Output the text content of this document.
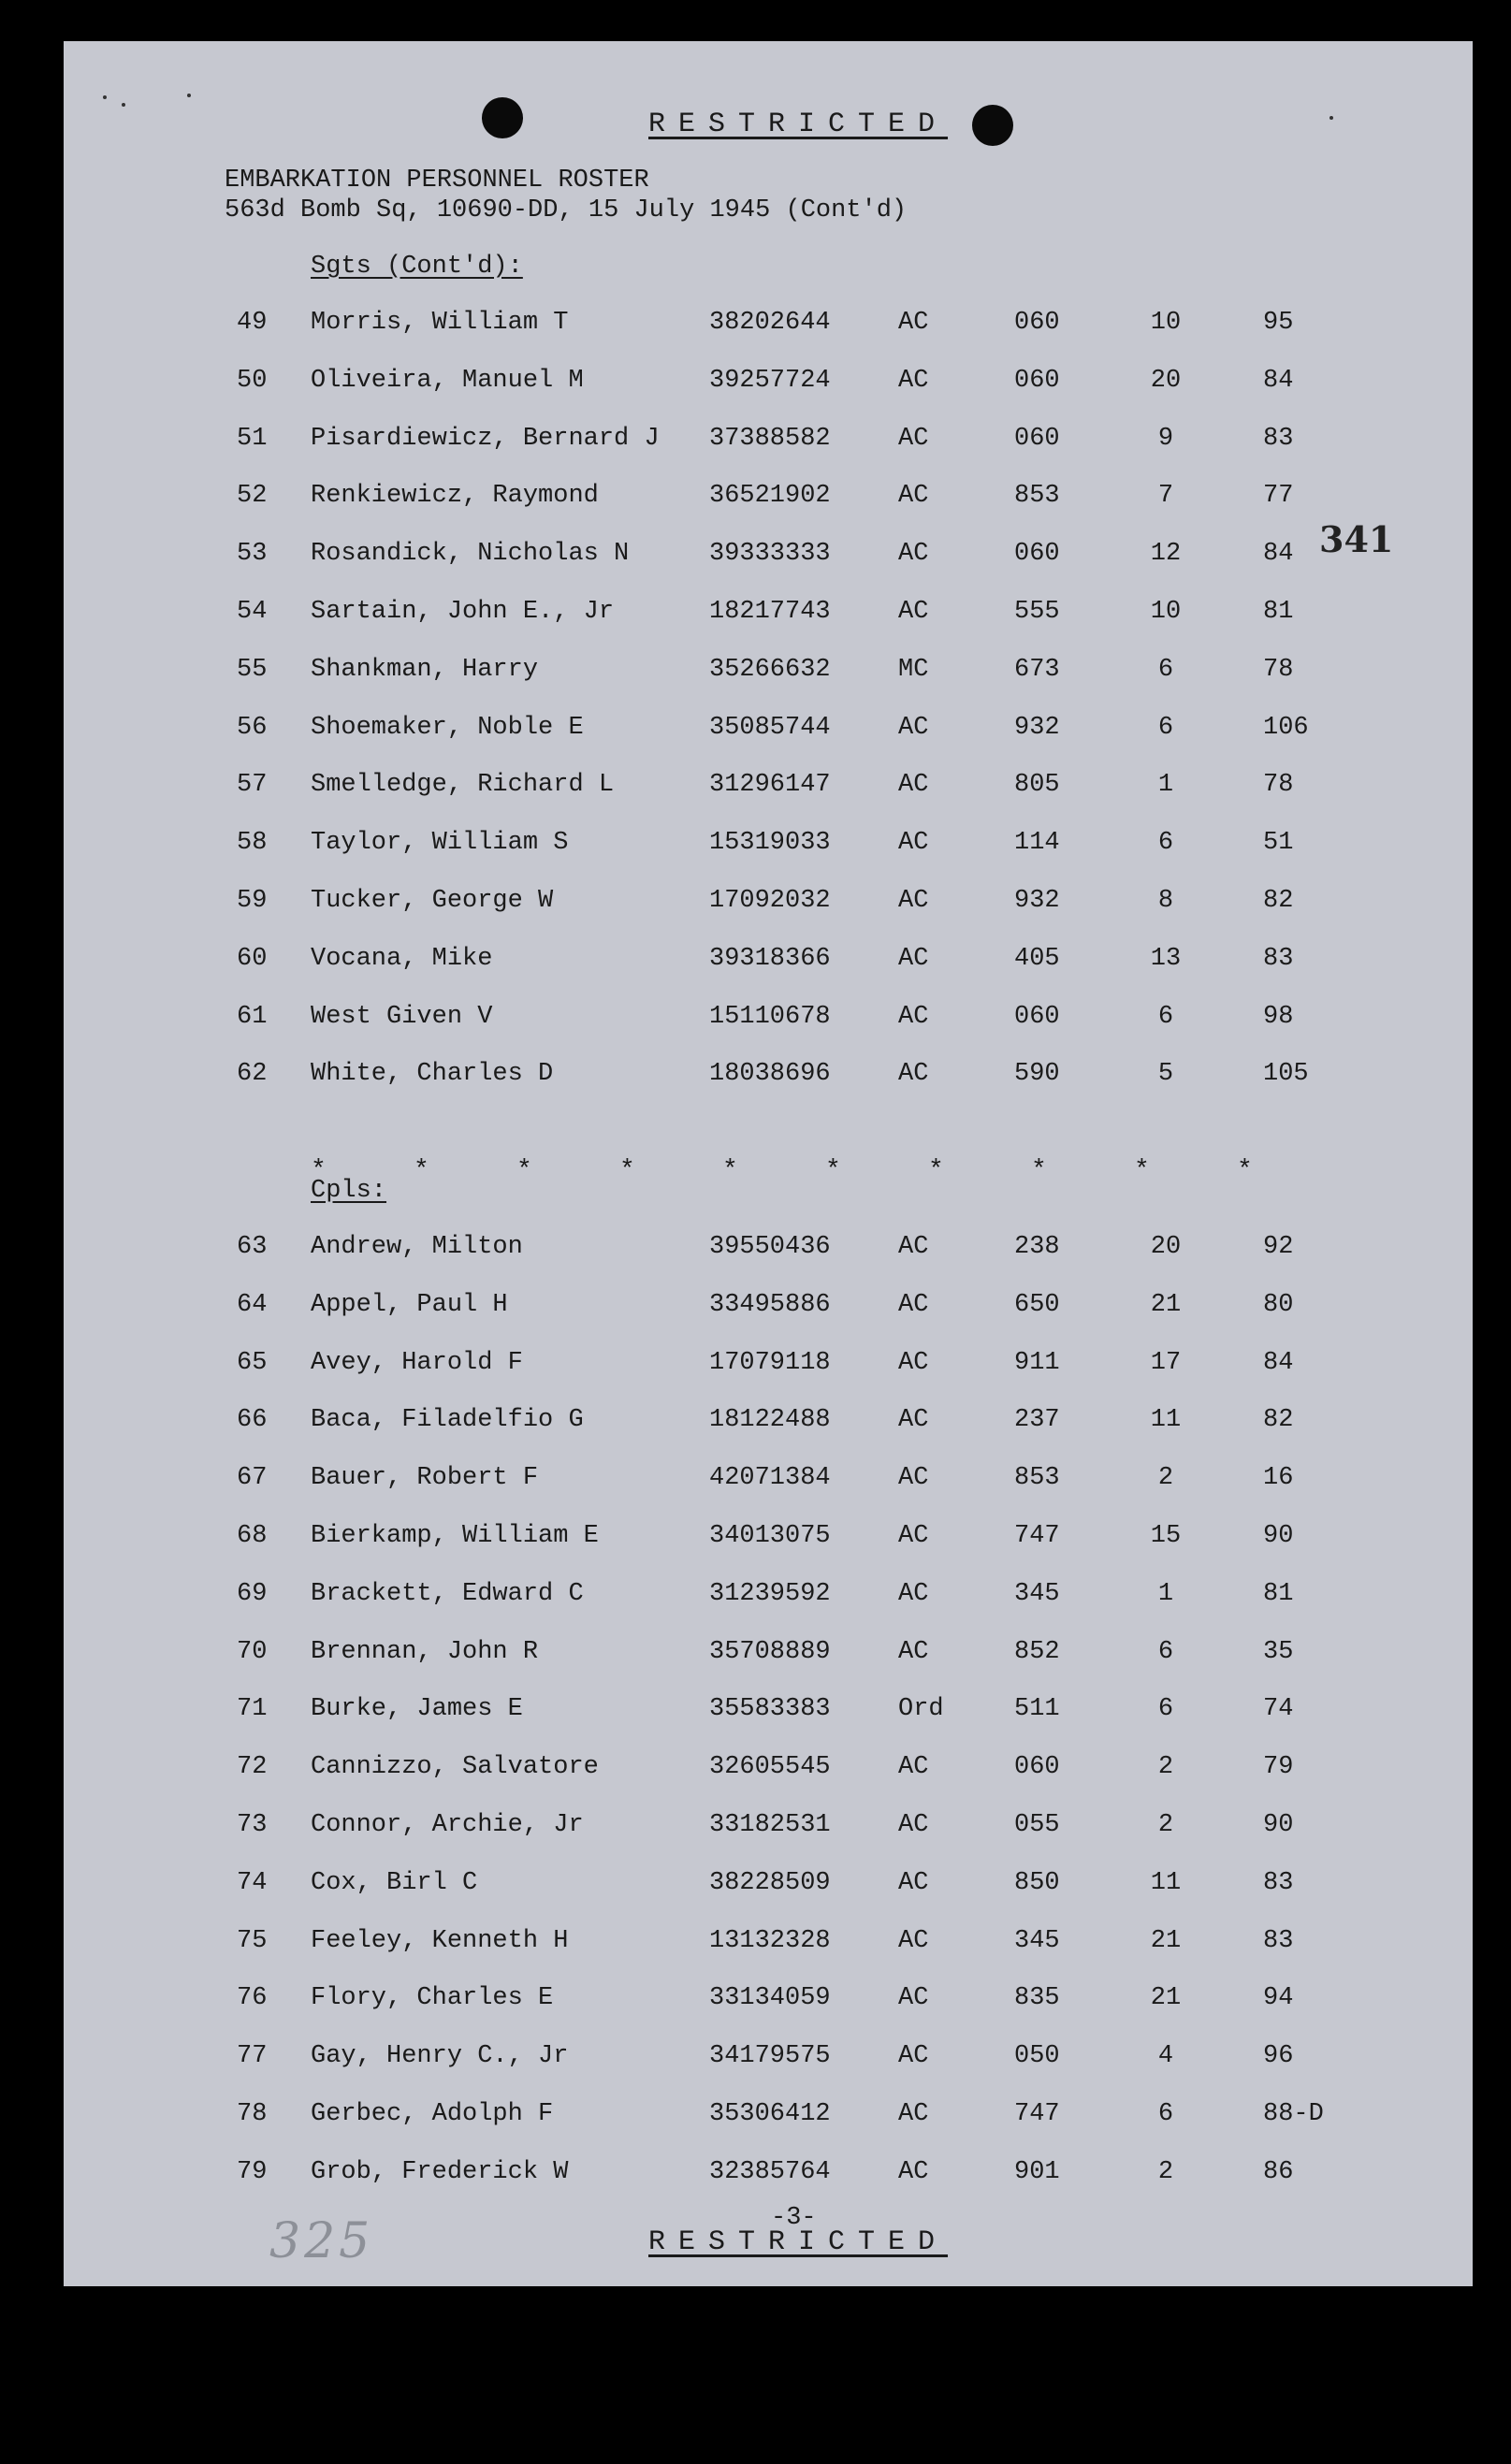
RESTRICTED
EMBARKATION PERSONNEL ROSTER
563d Bomb Sq, 10690-DD, 15 July 1945 (Cont'd)
Sgts (Cont'd):
49 Morris, William T	38202644	AC	060	10	95
50 Oliveira, Manuel M	39257724	AC	060	20	84
51 Pisardiewicz, Bernard J 37388582	AC	060	9	83
52 Renkiewicz, Raymond	36521902	AC	853	7	77
53 Rosandick, Nicholas N	39333333	AC	060	12	84
54 Sartain, John E., Jr	18217743	AC	555	10	81
55 Shankman, Harry	35266632	MC	673	6	78
56 Shoemaker, Noble E	35085744	AC	932	6	106
57 Smelledge, Richard L	31296147	AC	805	1	78
58 Taylor, William S	15319033	AC	114	6	51
59 Tucker, George W	17092032	AC	932	8	82
60 Vocana, Mike	39318366	AC	405	13	83
61 West Given V	15110678	AC	060	6	98
62 White, Charles D	18038696	AC	590	5	105
*	*	*	*	*	*	*	*	*	*
Cpls:
63 Andrew, Milton	39550436	AC	238	20	92
64 Appel, Paul H	33495886	AC	650	21	80
65 Avey, Harold F	17079118	AC	911	17	84
66 Baca, Filadelfio G	18122488	AC	237	11	82
67 Bauer, Robert F	42071384	AC	853	2	16
68 Bierkamp, William E	34013075	AC	747	15	90
69 Brackett, Edward C	31239592	AC	345	1	81
70 Brennan, John R	35708889	AC	852	6	35
71 Burke, James E	35583383	Ord	511	6	74
72 Cannizzo, Salvatore	32605545	AC	060	2	79
73 Connor, Archie, Jr	33182531	AC	055	2	90
74 Cox, Birl C	38228509	AC	850	11	83
75 Feeley, Kenneth H	13132328	AC	345	21	83
76 Flory, Charles E	33134059	AC	835	21	94
77 Gay, Henry C., Jr	34179575	AC	050	4	96
78 Gerbec, Adolph F	35306412	AC	747	6	88-D
79 Grob, Frederick W	32385764	AC	901	2	86
341
-3-
RESTRICTED
325
